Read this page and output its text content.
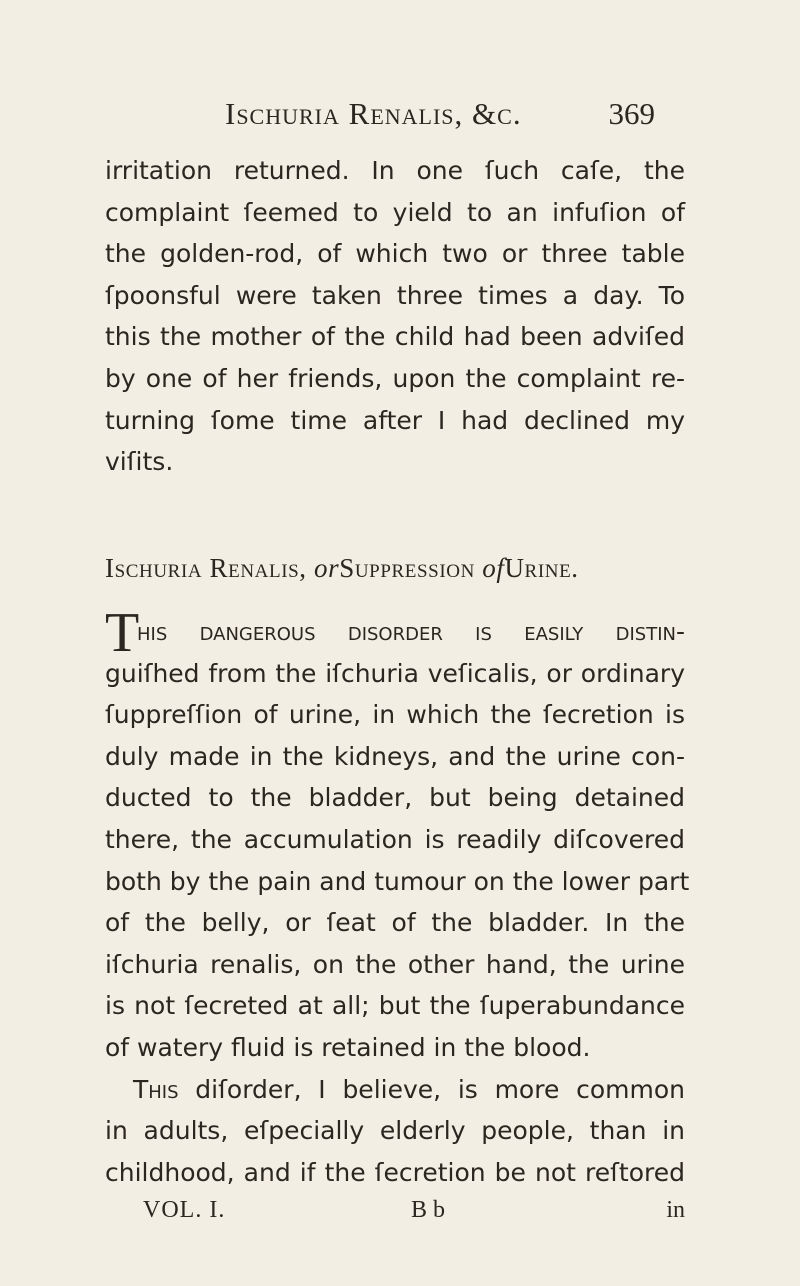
Ischuria Renalis, &c.	369
irritation returned. In one ſuch caſe, the
complaint ſeemed to yield to an infuſion of
the golden-rod, of which two or three table
ſpoonsful were taken three times a day. To
this the mother of the child had been adviſed
by one of her friends, upon the complaint re-
turning ſome time after I had declined my
viſits.
Ischuria Renalis, orSuppression ofUrine.
T
his dangerous diſorder is eaſily diſtin-
guiſhed from the iſchuria veſicalis, or ordinary
ſuppreſſion of urine, in which the ſecretion is
duly made in the kidneys, and the urine con-
ducted to the bladder, but being detained
there, the accumulation is readily diſcovered
both by the pain and tumour on the lower part
of the belly, or ſeat of the bladder. In the
iſchuria renalis, on the other hand, the urine
is not ſecreted at all; but the ſuperabundance
of watery fluid is retained in the blood.
This diſorder, I believe, is more common
in adults, eſpecially elderly people, than in
childhood, and if the ſecretion be not reſtored
VOL. I.	B b	in
